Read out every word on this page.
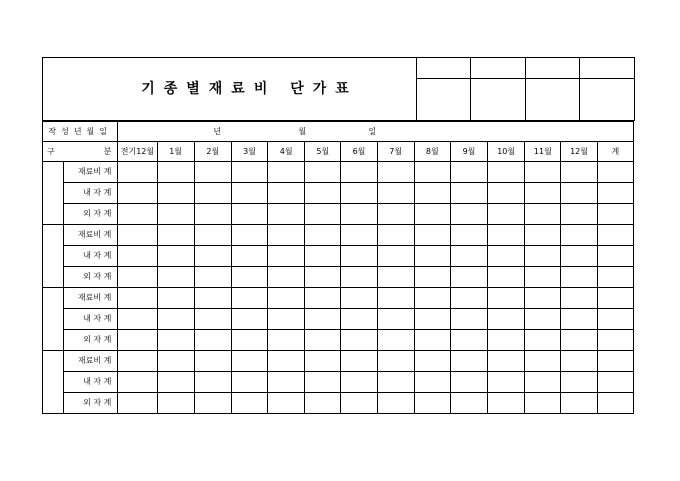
기종별재료비 단가표				

작성년월일		년 월 일													

구 분		전기12월	1월	2월	3월	4월	5월	6월	7월	8월	9월	10월	11월	12월	계
	재료비 계														
	내 자 계														
	외 자 계														
	재료비 계														
	내 자 계														
	외 자 계														
	재료비 계														
	내 자 계														
	외 자 계														
	재료비 계														
	내 자 계														
	외 자 계														
